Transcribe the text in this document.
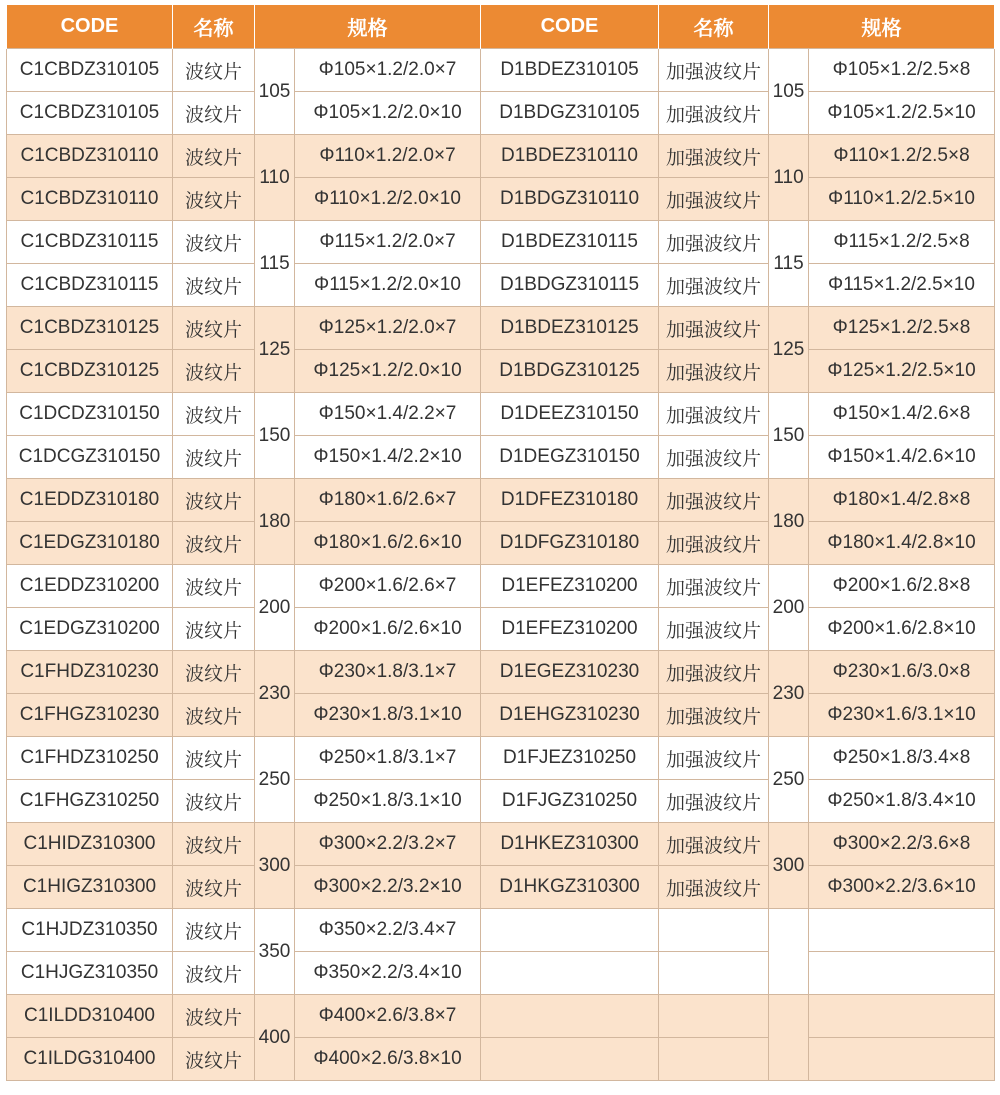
CODE	名称	规格		CODE	名称	规格	
C1CBDZ310105	波纹片	105	Φ105×1.2/2.0×7	D1BDEZ310105	加强波纹片	105	Φ105×1.2/2.5×8
C1CBDZ310105	波纹片		Φ105×1.2/2.0×10	D1BDGZ310105	加强波纹片		Φ105×1.2/2.5×10
C1CBDZ310110	波纹片	110	Φ110×1.2/2.0×7	D1BDEZ310110	加强波纹片	110	Φ110×1.2/2.5×8
C1CBDZ310110	波纹片		Φ110×1.2/2.0×10	D1BDGZ310110	加强波纹片		Φ110×1.2/2.5×10
C1CBDZ310115	波纹片	115	Φ115×1.2/2.0×7	D1BDEZ310115	加强波纹片	115	Φ115×1.2/2.5×8
C1CBDZ310115	波纹片		Φ115×1.2/2.0×10	D1BDGZ310115	加强波纹片		Φ115×1.2/2.5×10
C1CBDZ310125	波纹片	125	Φ125×1.2/2.0×7	D1BDEZ310125	加强波纹片	125	Φ125×1.2/2.5×8
C1CBDZ310125	波纹片		Φ125×1.2/2.0×10	D1BDGZ310125	加强波纹片		Φ125×1.2/2.5×10
C1DCDZ310150	波纹片	150	Φ150×1.4/2.2×7	D1DEEZ310150	加强波纹片	150	Φ150×1.4/2.6×8
C1DCGZ310150	波纹片		Φ150×1.4/2.2×10	D1DEGZ310150	加强波纹片		Φ150×1.4/2.6×10
C1EDDZ310180	波纹片	180	Φ180×1.6/2.6×7	D1DFEZ310180	加强波纹片	180	Φ180×1.4/2.8×8
C1EDGZ310180	波纹片		Φ180×1.6/2.6×10	D1DFGZ310180	加强波纹片		Φ180×1.4/2.8×10
C1EDDZ310200	波纹片	200	Φ200×1.6/2.6×7	D1EFEZ310200	加强波纹片	200	Φ200×1.6/2.8×8
C1EDGZ310200	波纹片		Φ200×1.6/2.6×10	D1EFEZ310200	加强波纹片		Φ200×1.6/2.8×10
C1FHDZ310230	波纹片	230	Φ230×1.8/3.1×7	D1EGEZ310230	加强波纹片	230	Φ230×1.6/3.0×8
C1FHGZ310230	波纹片		Φ230×1.8/3.1×10	D1EHGZ310230	加强波纹片		Φ230×1.6/3.1×10
C1FHDZ310250	波纹片	250	Φ250×1.8/3.1×7	D1FJEZ310250	加强波纹片	250	Φ250×1.8/3.4×8
C1FHGZ310250	波纹片		Φ250×1.8/3.1×10	D1FJGZ310250	加强波纹片		Φ250×1.8/3.4×10
C1HIDZ310300	波纹片	300	Φ300×2.2/3.2×7	D1HKEZ310300	加强波纹片	300	Φ300×2.2/3.6×8
C1HIGZ310300	波纹片		Φ300×2.2/3.2×10	D1HKGZ310300	加强波纹片		Φ300×2.2/3.6×10
C1HJDZ310350	波纹片	350	Φ350×2.2/3.4×7				
C1HJGZ310350	波纹片		Φ350×2.2/3.4×10				
C1ILDD310400	波纹片	400	Φ400×2.6/3.8×7				
C1ILDG310400	波纹片		Φ400×2.6/3.8×10				
